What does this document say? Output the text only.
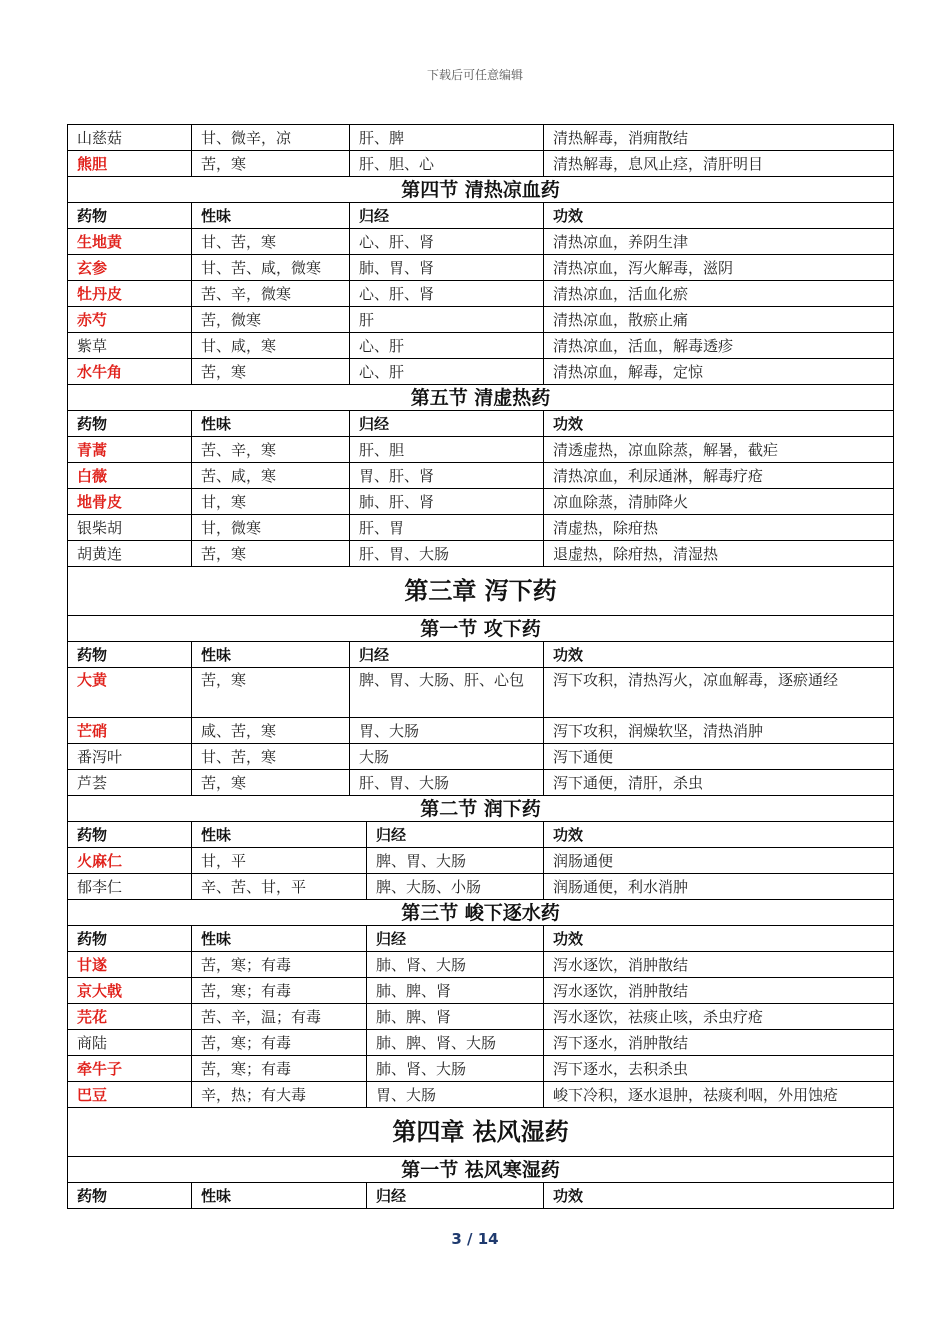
下载后可任意编辑
山慈菇	甘、微辛，凉	肝、脾		清热解毒，消痈散结
熊胆	苦，寒	肝、胆、心		清热解毒，息风止痉，清肝明目
第四节 清热凉血药				
药物	性味	归经		功效
生地黄	甘、苦，寒	心、肝、肾		清热凉血，养阴生津
玄参	甘、苦、咸，微寒	肺、胃、肾		清热凉血，泻火解毒，滋阴
牡丹皮	苦、辛，微寒	心、肝、肾		清热凉血，活血化瘀
赤芍	苦，微寒	肝		清热凉血，散瘀止痛
紫草	甘、咸，寒	心、肝		清热凉血，活血，解毒透疹
水牛角	苦，寒	心、肝		清热凉血，解毒，定惊
第五节 清虚热药				
药物	性味	归经		功效
青蒿	苦、辛，寒	肝、胆		清透虚热，凉血除蒸，解暑，截疟
白薇	苦、咸，寒	胃、肝、肾		清热凉血，利尿通淋，解毒疗疮
地骨皮	甘，寒	肺、肝、肾		凉血除蒸，清肺降火
银柴胡	甘，微寒	肝、胃		清虚热，除疳热
胡黄连	苦，寒	肝、胃、大肠		退虚热，除疳热，清湿热
第三章 泻下药				
第一节 攻下药				
药物	性味	归经		功效
大黄	苦，寒	脾、胃、大肠、肝、心包		泻下攻积，清热泻火，凉血解毒，逐瘀通经
芒硝	咸、苦，寒	胃、大肠		泻下攻积，润燥软坚，清热消肿
番泻叶	甘、苦，寒	大肠		泻下通便
芦荟	苦，寒	肝、胃、大肠		泻下通便，清肝，杀虫
第二节 润下药				
药物	性味		归经	功效
火麻仁	甘，平		脾、胃、大肠	润肠通便
郁李仁	辛、苦、甘，平		脾、大肠、小肠	润肠通便，利水消肿
第三节 峻下逐水药				
药物	性味		归经	功效
甘遂	苦，寒；有毒		肺、肾、大肠	泻水逐饮，消肿散结
京大戟	苦，寒；有毒		肺、脾、肾	泻水逐饮，消肿散结
芫花	苦、辛，温；有毒		肺、脾、肾	泻水逐饮，祛痰止咳，杀虫疗疮
商陆	苦，寒；有毒		肺、脾、肾、大肠	泻下逐水，消肿散结
牵牛子	苦，寒；有毒		肺、肾、大肠	泻下逐水，去积杀虫
巴豆	辛，热；有大毒		胃、大肠	峻下冷积，逐水退肿，祛痰利咽，外用蚀疮
第四章 祛风湿药				
第一节 祛风寒湿药				
药物	性味		归经	功效
3 / 14
